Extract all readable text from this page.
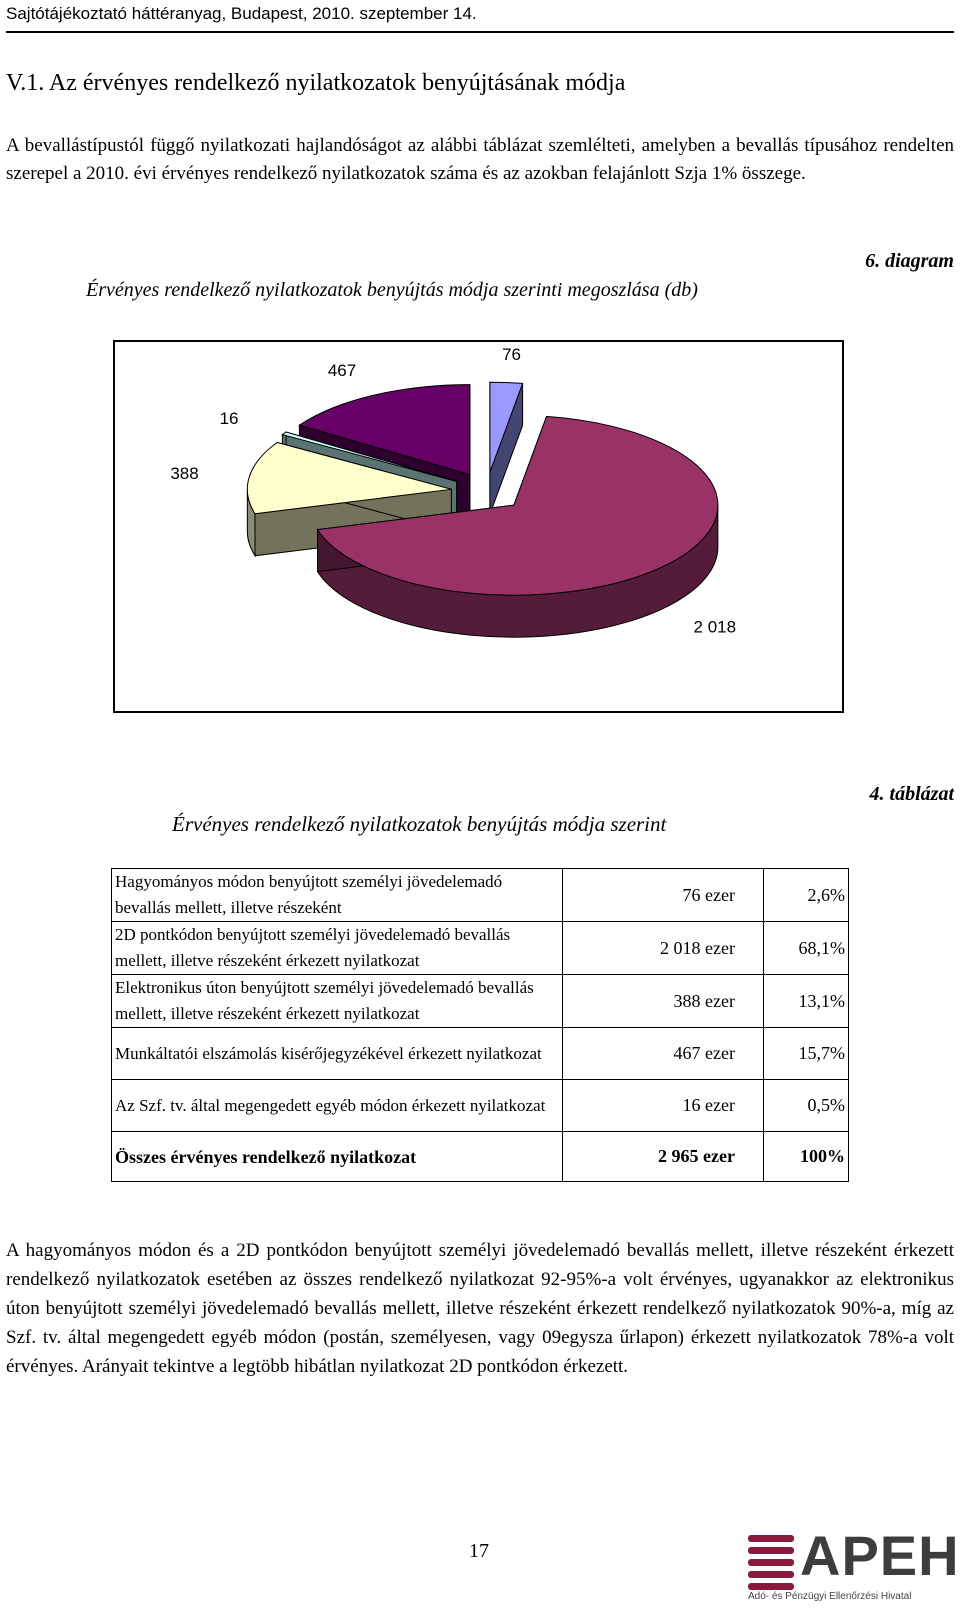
Sajtótájékoztató háttéranyag, Budapest, 2010. szeptember 14.
V.1. Az érvényes rendelkező nyilatkozatok benyújtásának módja
A bevallástípustól függő nyilatkozati hajlandóságot az alábbi táblázat szemlélteti, amelyben a bevallás típusához rendelten szerepel a 2010. évi érvényes rendelkező nyilatkozatok száma és az azokban felajánlott Szja 1% összege.
6. diagram
Érvényes rendelkező nyilatkozatok benyújtás módja szerinti megoszlása (db)
76
2 018
388
16
467
4. táblázat
Érvényes rendelkező nyilatkozatok benyújtás módja szerint
Hagyományos módon benyújtott személyi jövedelemadó bevallás mellett, illetve részeként	76 ezer	2,6%
2D pontkódon benyújtott személyi jövedelemadó bevallás mellett, illetve részeként érkezett nyilatkozat	2 018 ezer	68,1%
Elektronikus úton benyújtott személyi jövedelemadó bevallás mellett, illetve részeként érkezett nyilatkozat	388 ezer	13,1%
Munkáltatói elszámolás kisérőjegyzékével érkezett nyilatkozat	467 ezer	15,7%
Az Szf. tv. által megengedett egyéb módon érkezett nyilatkozat	16 ezer	0,5%
Összes érvényes rendelkező nyilatkozat	2 965 ezer	100%
A hagyományos módon és a 2D pontkódon benyújtott személyi jövedelemadó bevallás mellett, illetve részeként érkezett rendelkező nyilatkozatok esetében az összes rendelkező nyilatkozat 92-95%-a volt érvényes, ugyanakkor az elektronikus úton benyújtott személyi jövedelemadó bevallás mellett, illetve részeként érkezett rendelkező nyilatkozatok 90%-a, míg az Szf. tv. által megengedett egyéb módon (postán, személyesen, vagy 09egysza űrlapon) érkezett nyilatkozatok 78%-a volt érvényes. Arányait tekintve a legtöbb hibátlan nyilatkozat 2D pontkódon érkezett.
17	APEH
Adó- és Pénzügyi Ellenőrzési Hivatal
